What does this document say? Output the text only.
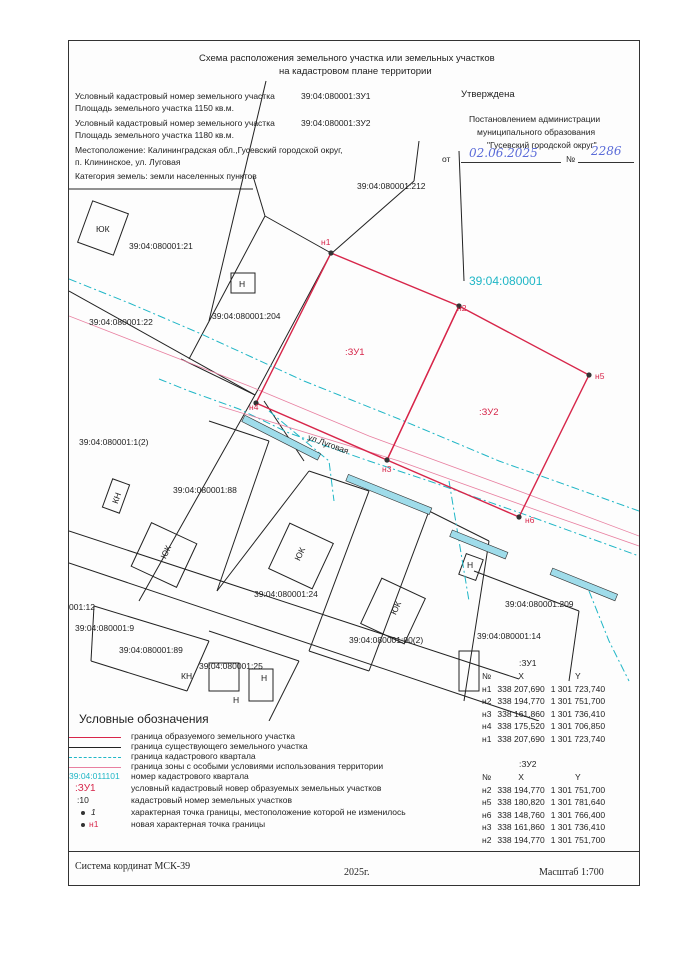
Схема расположения земельного участка или земельных участков
на кадастровом плане территории
Условный кадастровый номер земельного участка	39:04:080001:ЗУ1
Площадь земельного участка 1150 кв.м.
Условный кадастровый номер земельного участка	39:04:080001:ЗУ2
Площадь земельного участка 1180 кв.м.
Местоположение: Калининградская обл.,Гусевский городской округ,
п. Клининское, ул. Луговая
Категория земель: земли населенных пунктов
Утверждена
Постановлением администрации
муниципального образования
"Гусевский городской округ"
от 02.06.2025	№
2286
39:04:080001:212
39:04:080001:21
39:04:080001:22
39:04:080001:204
39:04:080001:1(2)
39:04:080001:88
39:04:080001:24
39:04:080001:90(2)
39:04:080001:209
39:04:080001:14
39:04:080001:9
39:04:080001:89
39:04:080001:25
001:12
39:04:080001
ул.Луговая
:ЗУ1
:ЗУ2
н1
н2
н3
н4
н5
н6
ЮК
Н
КН
ЮК	ЮК
ЮК
Н
КН	Н
Н
Условные обозначения
граница образуемого земельного участка
граница существующего земельного участка
граница кадастрового квартала
граница зоны с особыми условиями использования территории
39:04:011101 номер кадастрового квартала
:ЗУ1	условный кадастровый новер образуемых земельных участков
:10	кадастровый номер земельных участков
1	характерная точка границы, местоположение которой не изменилось
н1	новая характерная точка границы
:ЗУ1
№	X	Y
н1	338 207,690	1 301 723,740
н2	338 194,770	1 301 751,700
н3	338 161,860	1 301 736,410
н4	338 175,520	1 301 706,850
н1	338 207,690	1 301 723,740
:ЗУ2
№	X	Y
н2	338 194,770	1 301 751,700
н5	338 180,820	1 301 781,640
н6	338 148,760	1 301 766,400
н3	338 161,860	1 301 736,410
н2	338 194,770	1 301 751,700
Система кординат МСК-39
2025г.	Масштаб 1:700
